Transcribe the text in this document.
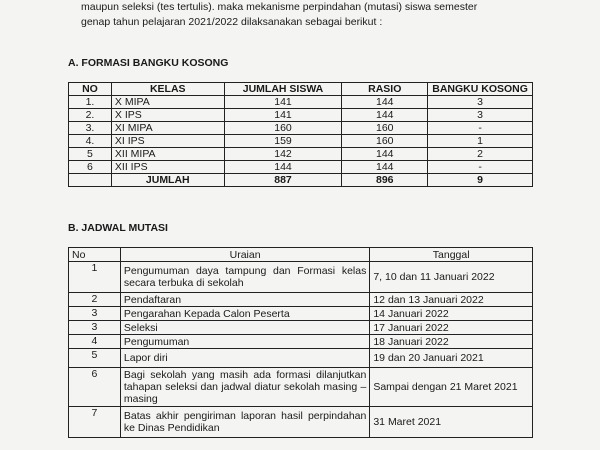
maupun seleksi (tes tertulis). maka mekanisme perpindahan (mutasi) siswa semester

genap tahun pelajaran 2021/2022 dilaksanakan sebagai berikut :

A. FORMASI BANGKU KOSONG
NO	KELAS	JUMLAH SISWA	RASIO	BANGKU KOSONG
1.	X MIPA	141	144	3
2.	X IPS	141	144	3
3.	XI MIPA	160	160	-
4.	XI IPS	159	160	1
5	XII MIPA	142	144	2
6	XII IPS	144	144	-
	JUMLAH	887	896	9
B. JADWAL MUTASI
No	Uraian	Tanggal
1	Pengumuman daya tampung dan Formasi kelas secara terbuka di sekolah	7, 10 dan 11 Januari 2022
2	Pendaftaran	12 dan 13 Januari 2022
3	Pengarahan Kepada Calon Peserta	14 Januari 2022
3	Seleksi	17 Januari 2022
4	Pengumuman	18 Januari 2022
5	Lapor diri	19 dan 20 Januari 2021
6	Bagi sekolah yang masih ada formasi dilanjutkan tahapan seleksi dan jadwal diatur sekolah masing – masing	Sampai dengan 21 Maret 2021
7	Batas akhir pengiriman laporan hasil perpindahan ke Dinas Pendidikan	31 Maret 2021
